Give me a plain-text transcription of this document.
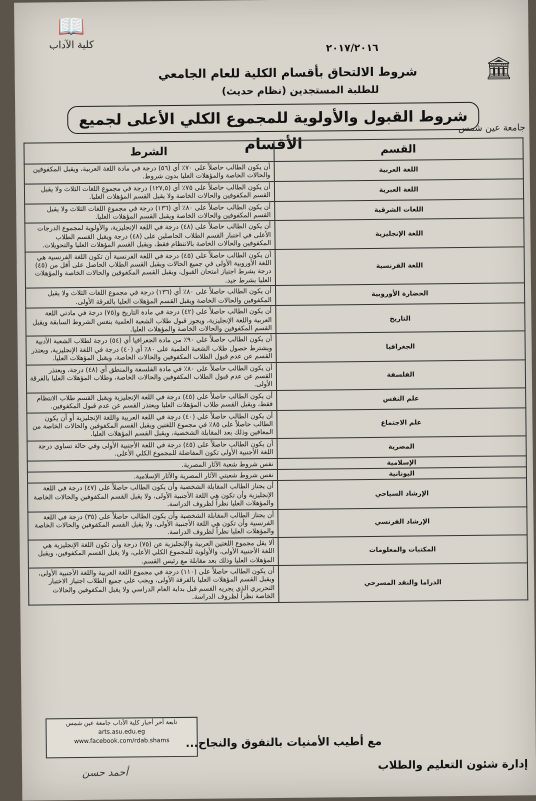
📖
كلية الآداب
🏛
جامعة عين شمس
٢٠١٧/٢٠١٦
شروط الالتحاق بأقسام الكلية للعام الجامعي
للطلبة المستجدين (نظام حديث)
شروط القبول والأولوية للمجموع الكلي الأعلى لجميع الأقسام	القسم	الشرط
اللغة العربية	أن يكون الطالب حاصلاً على ٧٠٪ أي (٥٦) درجة في مادة اللغة العربية، ويقبل المكفوفين والحالات الخاصة والمؤهلات العليا بدون شروط.
اللغة العبرية	أن يكون الطالب حاصلاً على ٧٥٪ أي (١٢٧,٥) درجة في مجموع اللغات الثلاث ولا يقبل القسم المكفوفين والحالات الخاصة ولا يقبل القسم المؤهلات العليا.
اللغات الشرقية	أن يكون الطالب حاصلاً على ٨٠٪ أي (١٣٦) درجة في مجموع اللغات الثلاث ولا يقبل القسم المكفوفين والحالات الخاصة ويقبل القسم المؤهلات العليا.
اللغة الإنجليزية	أن يكون الطالب حاصلاً على (٤٨) درجة في اللغة الإنجليزية، والأولوية لمجموع الدرجات الأعلى في اختبار القسم الطلاب الحاصلين على (٤٨) درجة ويقبل القسم الطلاب المكفوفين والحالات الخاصة بالانتظام فقط، ويقبل القسم المؤهلات العليا والتحويلات.
اللغة الفرنسية	أن يكون الطالب حاصلاً على (٤٥) درجة في اللغة الفرنسية أن تكون اللغة الفرنسية هي اللغة الأوروبية الأولى في جميع الحالات ويقبل القسم الطلاب الحاصل على أقل من (٤٥) درجة بشرط اجتياز امتحان القبول، ويقبل القسم المكفوفين والحالات الخاصة والمؤهلات العليا بشرط جيد.
الحضارة الأوروبية	أن يكون الطالب حاصلاً على ٨٠٪ أي (١٣٦) درجة في مجموع اللغات الثلاث ولا يقبل المكفوفين والحالات الخاصة ويقبل القسم المؤهلات العليا بالفرقة الأولى.
التاريخ	أن يكون الطالب حاصلاً على (٤٢) درجة في مادة التاريخ و(٧٥) درجة في مادتي اللغة العربية واللغة الإنجليزية، ويجوز قبول طلاب الشعبة العلمية بنفس الشروط السابقة ويقبل القسم المكفوفين والحالات الخاصة والمؤهلات العليا.
الجغرافيا	أن يكون الطالب حاصلاً على ٩٠٪ من مادة الجغرافيا أي (٥٤) درجة لطلاب الشعبة الأدبية ويشترط حصول طلاب الشعبة العلمية على ٨٠٪ أي (٤٠) درجة في اللغة الإنجليزية، ويعتذر القسم عن عدم قبول الطلاب المكفوفين والحالات الخاصة، ويقبل المؤهلات العليا.
الفلسفة	أن يكون الطالب حاصلاً على ٨٠٪ في مادة الفلسفة والمنطق أي (٤٨) درجة، ويعتذر القسم عن عدم قبول الطلاب المكفوفين والحالات الخاصة، وطلاب المؤهلات العليا بالفرقة الأولى.
علم النفس	أن يكون الطالب حاصلاً على (٤٥) درجة في اللغة الإنجليزية ويقبل القسم طلاب الانتظام فقط، ويقبل القسم طلاب المؤهلات العليا ويعتذر القسم عن عدم قبول المكفوفين.
علم الاجتماع	أن يكون الطالب حاصلاً على (٤٠) درجة في اللغة العربية واللغة الإنجليزية أو أن يكون الطالب حاصلاً على ٨٥٪ في مجموع اللغتين ويقبل القسم المكفوفين والحالات الخاصة من المعاقين وذلك بعد المقابلة الشخصية، ويقبل القسم المؤهلات العليا.
المصرية	أن يكون الطالب حاصلاً على (٤٥) درجة في اللغة الأجنبية الأولى وفي حالة تساوي درجة اللغة الأجنبية الأولى تكون المفاضلة للمجموع الكلي الأعلى.
الإسلامية	نفس شروط شعبة الآثار المصرية.
اليونانية	نفس شروط شعبتي الآثار المصرية والآثار الإسلامية.
الإرشاد السياحي	أن يجتاز الطالب المقابلة الشخصية وأن يكون الطالب حاصلاً على (٤٧) درجة في اللغة الإنجليزية وأن تكون هي اللغة الأجنبية الأولى، ولا يقبل القسم المكفوفين والحالات الخاصة والمؤهلات العليا نظراً لظروف الدراسة.
الإرشاد الفرنسي	أن يجتاز الطالب المقابلة الشخصية وأن يكون الطالب حاصلاً على (٣٥) درجة في اللغة الفرنسية وأن تكون هي اللغة الأجنبية الأولى، ولا يقبل القسم المكفوفين والحالات الخاصة والمؤهلات العليا نظراً لظروف الدراسة.
المكتبات والمعلومات	ألا يقل مجموع اللغتين العربية والإنجليزية عن (٧٥) درجة وأن تكون اللغة الإنجليزية هي اللغة الأجنبية الأولى، والأولوية للمجموع الكلي الأعلى، ولا يقبل القسم المكفوفين، ويقبل المؤهلات العليا وذلك بعد مقابلة مع رئيس القسم.
الدراما والنقد المسرحي	أن يكون الطالب حاصلاً على (١١٠) درجة في مجموع اللغة العربية واللغة الأجنبية الأولى، ويقبل القسم المؤهلات العليا بالفرقة الأولى، ويجب على جميع الطلاب اجتياز الاختبار التحريري الذي يجريه القسم قبل بداية العام الدراسي ولا يقبل المكفوفين والحالات الخاصة نظراً لظروف الدراسة.
تابعة أخر أخبار كلية الآداب جامعة عين شمس
arts.asu.edu.eg
www.facebook.com/rdab.shams	مع أطيب الأمنيات بالتفوق والنجاح...
إدارة شئون التعليم والطلاب
أحمد حسن
